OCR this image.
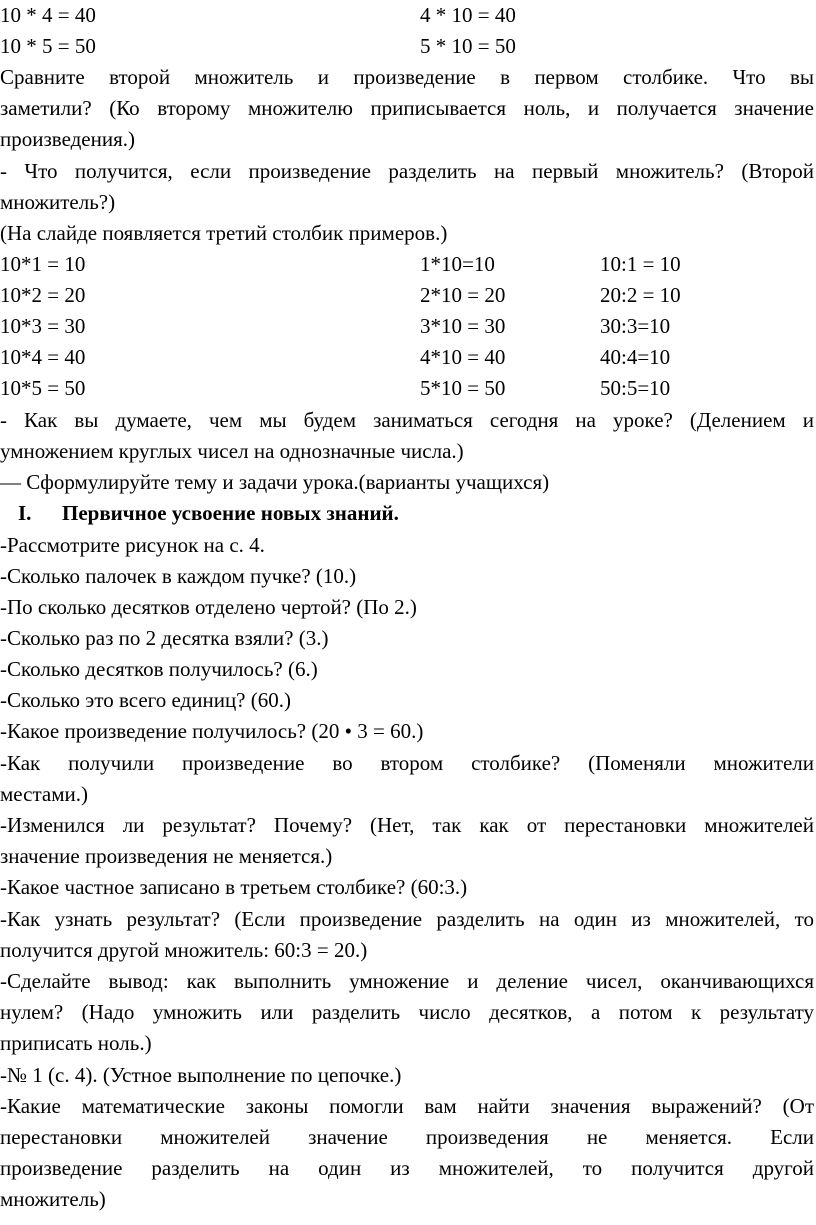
10 * 4 = 40	4 * 10 = 40
10 * 5 = 50	5 * 10 = 50
Сравните второй множитель и произведение в первом столбике. Что вы
заметили? (Ко второму множителю приписывается ноль, и получается значение
произведения.)
- Что получится, если произведение разделить на первый множитель? (Второй
множитель?)
(На слайде появляется третий столбик примеров.)
10*1 = 10	1*10=10	10:1 = 10
10*2 = 20	2*10 = 20	20:2 = 10
10*3 = 30	3*10 = 30	30:3=10
10*4 = 40	4*10 = 40	40:4=10
10*5 = 50	5*10 = 50	50:5=10
- Как вы думаете, чем мы будем заниматься сегодня на уроке? (Делением и
умножением круглых чисел на однозначные числа.)
— Сформулируйте тему и задачи урока.(варианты учащихся)
I. Первичное усвоение новых знаний.
-Рассмотрите рисунок на с. 4.
-Сколько палочек в каждом пучке? (10.)
-По сколько десятков отделено чертой? (По 2.)
-Сколько раз по 2 десятка взяли? (3.)
-Сколько десятков получилось? (6.)
-Сколько это всего единиц? (60.)
-Какое произведение получилось? (20 • 3 = 60.)
-Как получили произведение во втором столбике? (Поменяли множители
местами.)
-Изменился ли результат? Почему? (Нет, так как от перестановки множителей
значение произведения не меняется.)
-Какое частное записано в третьем столбике? (60:3.)
-Как узнать результат? (Если произведение разделить на один из множителей, то
получится другой множитель: 60:3 = 20.)
-Сделайте вывод: как выполнить умножение и деление чисел, оканчивающихся
нулем? (Надо умножить или разделить число десятков, а потом к результату
приписать ноль.)
-№ 1 (с. 4). (Устное выполнение по цепочке.)
-Какие математические законы помогли вам найти значения выражений? (От
перестановки множителей значение произведения не меняется. Если
произведение разделить на один из множителей, то получится другой
множитель)
